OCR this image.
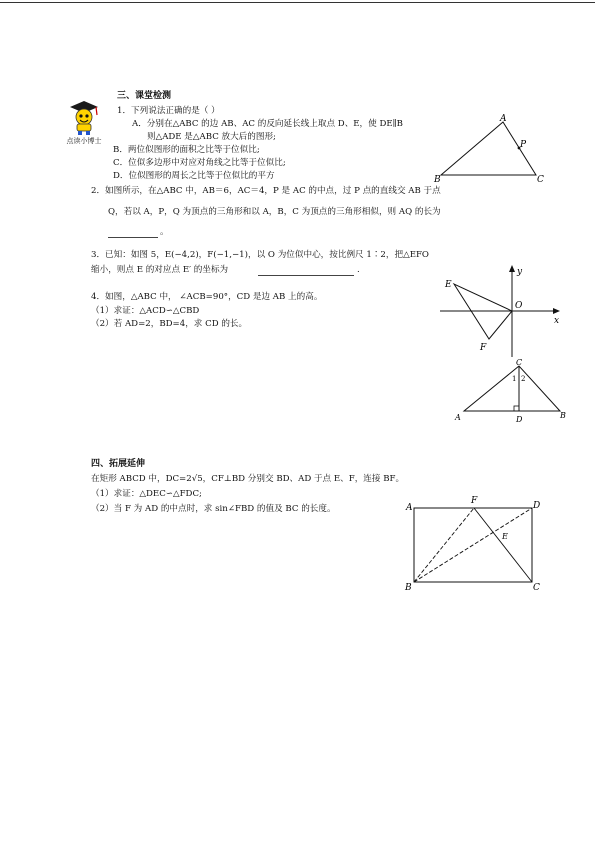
点读小博士
三、课堂检测
1．下列说法正确的是（ ）
A．分别在△ABC 的边 AB、AC 的反向延长线上取点 D、E，使 DE∥B
则△ADE 是△ABC 放大后的图形;
B．两位似图形的面积之比等于位似比;
C．位似多边形中对应对角线之比等于位似比;
D．位似图形的周长之比等于位似比的平方
2．如图所示，在△ABC 中，AB＝6，AC＝4，P 是 AC 的中点，过 P 点的直线交 AB 于点
Q，若以 A，P，Q 为顶点的三角形和以 A，B，C 为顶点的三角形相似，则 AQ 的长为
。
3．已知：如图 5，E(−4,2)，F(−1,−1)，以 O 为位似中心，按比例尺 1∶2，把△EFO
缩小，则点 E 的对应点 E′ 的坐标为	.
4．如图，△ABC 中， ∠ACB=90°，CD 是边 AB 上的高。
（1）求证：△ACD∽△CBD
（2）若 AD=2，BD=4，求 CD 的长。
A
B	C
P
E
F
O
x
y
C
A	B
D
1 2
四、拓展延伸
在矩形 ABCD 中，DC=2√5，CF⊥BD 分别交 BD、AD 于点 E、F，连接 BF。
（1）求证：△DEC∽△FDC;
（2）当 F 为 AD 的中点时，求 sin∠FBD 的值及 BC 的长度。	A
B	C
D
E
F
